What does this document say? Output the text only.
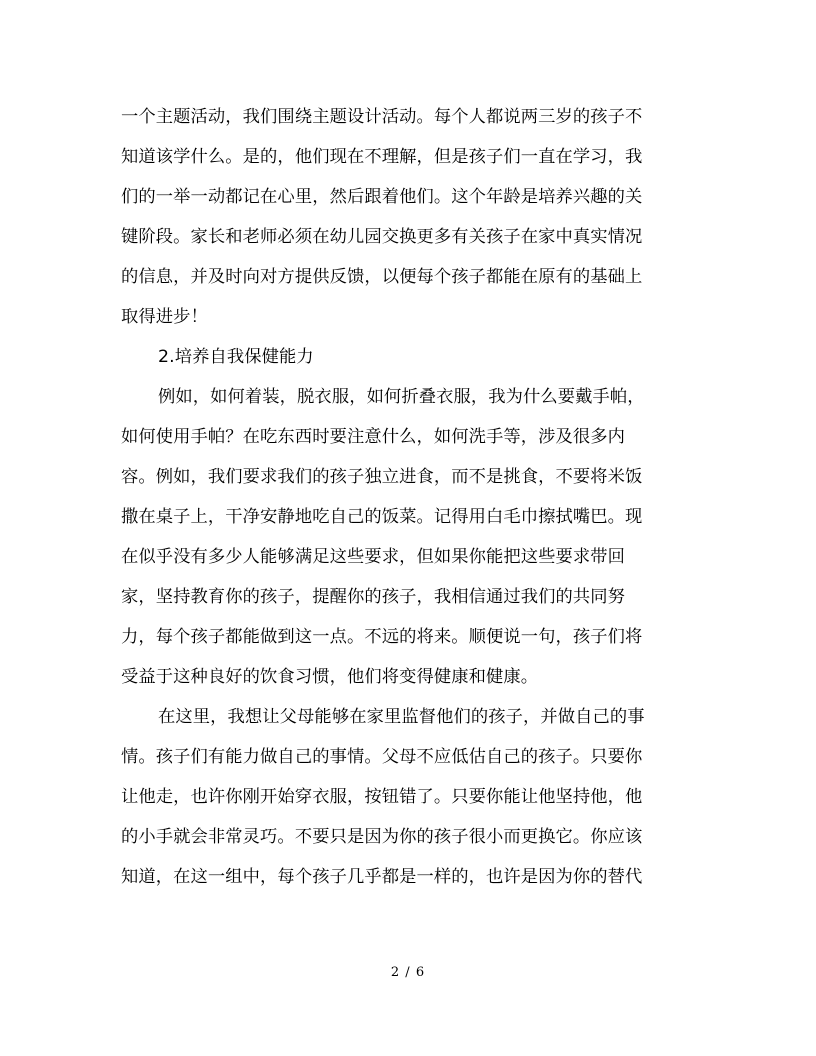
一个主题活动，我们围绕主题设计活动。每个人都说两三岁的孩子不
知道该学什么。是的，他们现在不理解，但是孩子们一直在学习，我
们的一举一动都记在心里，然后跟着他们。这个年龄是培养兴趣的关
键阶段。家长和老师必须在幼儿园交换更多有关孩子在家中真实情况
的信息，并及时向对方提供反馈，以便每个孩子都能在原有的基础上
取得进步！
2.培养自我保健能力
例如，如何着装，脱衣服，如何折叠衣服，我为什么要戴手帕，
如何使用手帕？在吃东西时要注意什么，如何洗手等，涉及很多内
容。例如，我们要求我们的孩子独立进食，而不是挑食，不要将米饭
撒在桌子上，干净安静地吃自己的饭菜。记得用白毛巾擦拭嘴巴。现
在似乎没有多少人能够满足这些要求，但如果你能把这些要求带回
家，坚持教育你的孩子，提醒你的孩子，我相信通过我们的共同努
力，每个孩子都能做到这一点。不远的将来。顺便说一句，孩子们将
受益于这种良好的饮食习惯，他们将变得健康和健康。
在这里，我想让父母能够在家里监督他们的孩子，并做自己的事
情。孩子们有能力做自己的事情。父母不应低估自己的孩子。只要你
让他走，也许你刚开始穿衣服，按钮错了。只要你能让他坚持他，他
的小手就会非常灵巧。不要只是因为你的孩子很小而更换它。你应该
知道，在这一组中，每个孩子几乎都是一样的，也许是因为你的替代
2 / 6
